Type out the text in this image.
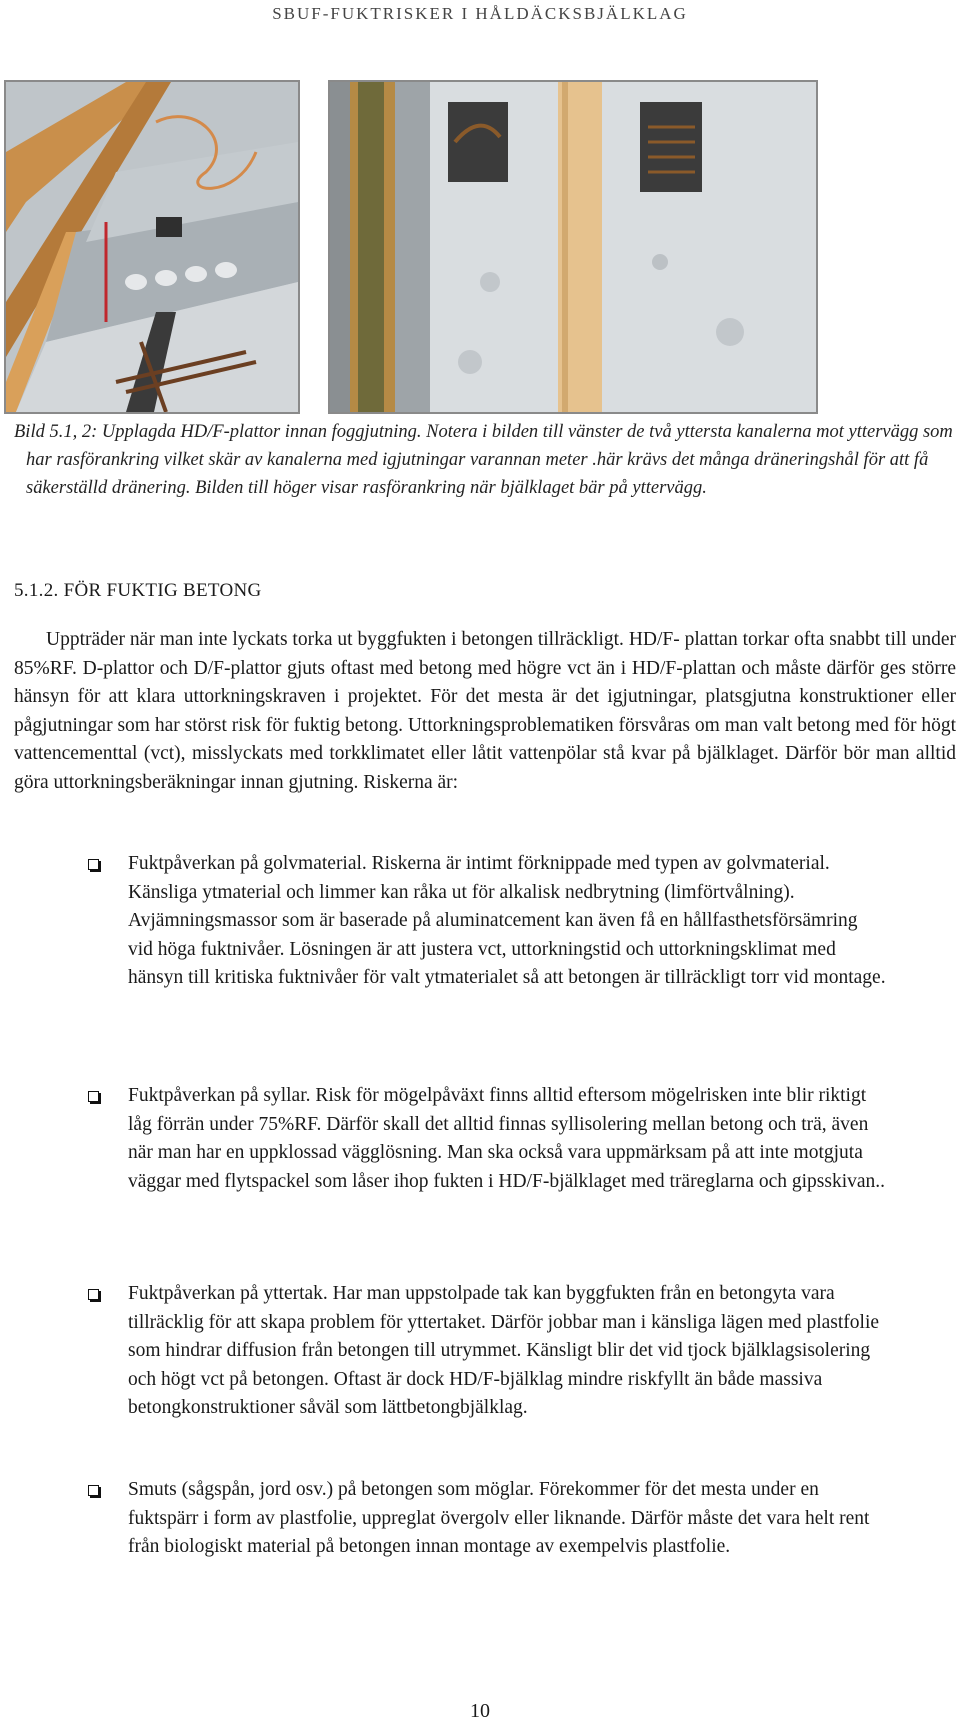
SBUF-FUKTRISKER I HÅLDÄCKSBJÄLKLAG
Bild 5.1, 2: Upplagda HD/F-plattor innan foggjutning. Notera i bilden till vänster de två yttersta kanalerna mot yttervägg som har rasförankring vilket skär av kanalerna med igjutningar varannan meter .här krävs det många dräneringshål för att få säkerställd dränering. Bilden till höger visar rasförankring när bjälklaget bär på yttervägg.
5.1.2. FÖR FUKTIG BETONG
Uppträder när man inte lyckats torka ut byggfukten i betongen tillräckligt. HD/F- plattan torkar ofta snabbt till under 85%RF. D-plattor och D/F-plattor gjuts oftast med betong med högre vct än i HD/F-plattan och måste därför ges större hänsyn för att klara uttorkningskraven i projektet. För det mesta är det igjutningar, platsgjutna konstruktioner eller pågjutningar som har störst risk för fuktig betong. Uttorkningsproblematiken försvåras om man valt betong med för högt vattencementtal (vct), misslyckats med torkklimatet eller låtit vattenpölar stå kvar på bjälklaget. Därför bör man alltid göra uttorkningsberäkningar innan gjutning. Riskerna är:
Fuktpåverkan på golvmaterial. Riskerna är intimt förknippade med typen av golvmaterial. Känsliga ytmaterial och limmer kan råka ut för alkalisk nedbrytning (limförtvålning). Avjämningsmassor som är baserade på aluminatcement kan även få en hållfasthetsförsämring vid höga fuktnivåer. Lösningen är att justera vct, uttorkningstid och uttorkningsklimat med hänsyn till kritiska fuktnivåer för valt ytmaterialet så att betongen är tillräckligt torr vid montage.
Fuktpåverkan på syllar. Risk för mögelpåväxt finns alltid eftersom mögelrisken inte blir riktigt låg förrän under 75%RF. Därför skall det alltid finnas syllisolering mellan betong och trä, även när man har en uppklossad vägglösning. Man ska också vara uppmärksam på att inte motgjuta väggar med flytspackel som låser ihop fukten i HD/F-bjälklaget med träreglarna och gipsskivan..
Fuktpåverkan på yttertak. Har man uppstolpade tak kan byggfukten från en betongyta vara tillräcklig för att skapa problem för yttertaket. Därför jobbar man i känsliga lägen med plastfolie som hindrar diffusion från betongen till utrymmet. Känsligt blir det vid tjock bjälklagsisolering och högt vct på betongen. Oftast är dock HD/F-bjälklag mindre riskfyllt än både massiva betongkonstruktioner såväl som lättbetongbjälklag.
Smuts (sågspån, jord osv.) på betongen som möglar. Förekommer för det mesta under en fuktspärr i form av plastfolie, uppreglat övergolv eller liknande. Därför måste det vara helt rent från biologiskt material på betongen innan montage av exempelvis plastfolie.
10
